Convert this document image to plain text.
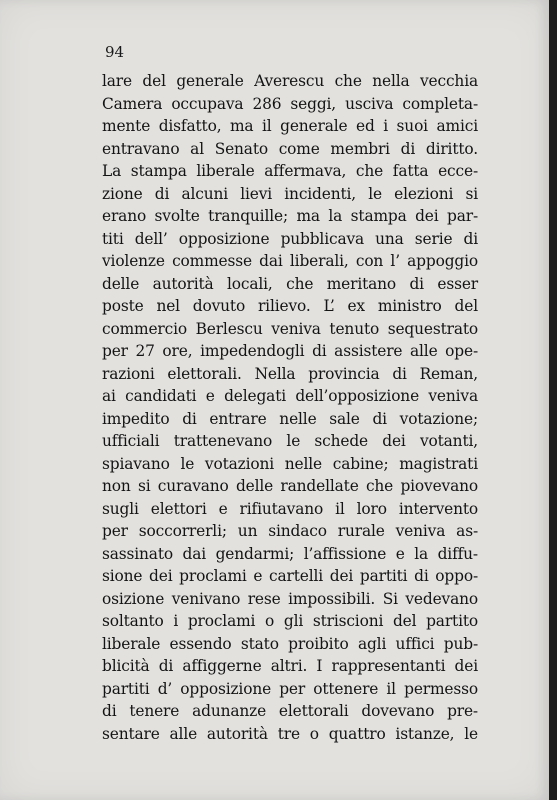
94
lare del generale Averescu che nella vecchia
Camera occupava 286 seggi, usciva completa-
mente disfatto, ma il generale ed i suoi amici
entravano al Senato come membri di diritto.
La stampa liberale affermava, che fatta ecce-
zione di alcuni lievi incidenti, le elezioni si
erano svolte tranquille; ma la stampa dei par-
titi dell’ opposizione pubblicava una serie di
violenze commesse dai liberali, con l’ appoggio
delle autorità locali, che meritano di esser
poste nel dovuto rilievo. L’ ex ministro del
commercio Berlescu veniva tenuto sequestrato
per 27 ore, impedendogli di assistere alle ope-
razioni elettorali. Nella provincia di Reman,
ai candidati e delegati dell’opposizione veniva
impedito di entrare nelle sale di votazione;
ufficiali trattenevano le schede dei votanti,
spiavano le votazioni nelle cabine; magistrati
non si curavano delle randellate che piovevano
sugli elettori e rifiutavano il loro intervento
per soccorrerli; un sindaco rurale veniva as-
sassinato dai gendarmi; l’affissione e la diffu-
sione dei proclami e cartelli dei partiti di oppo-
osizione venivano rese impossibili. Si vedevano
soltanto i proclami o gli striscioni del partito
liberale essendo stato proibito agli uffici pub-
blicità di affiggerne altri. I rappresentanti dei
partiti d’ opposizione per ottenere il permesso
di tenere adunanze elettorali dovevano pre-
sentare alle autorità tre o quattro istanze, le
